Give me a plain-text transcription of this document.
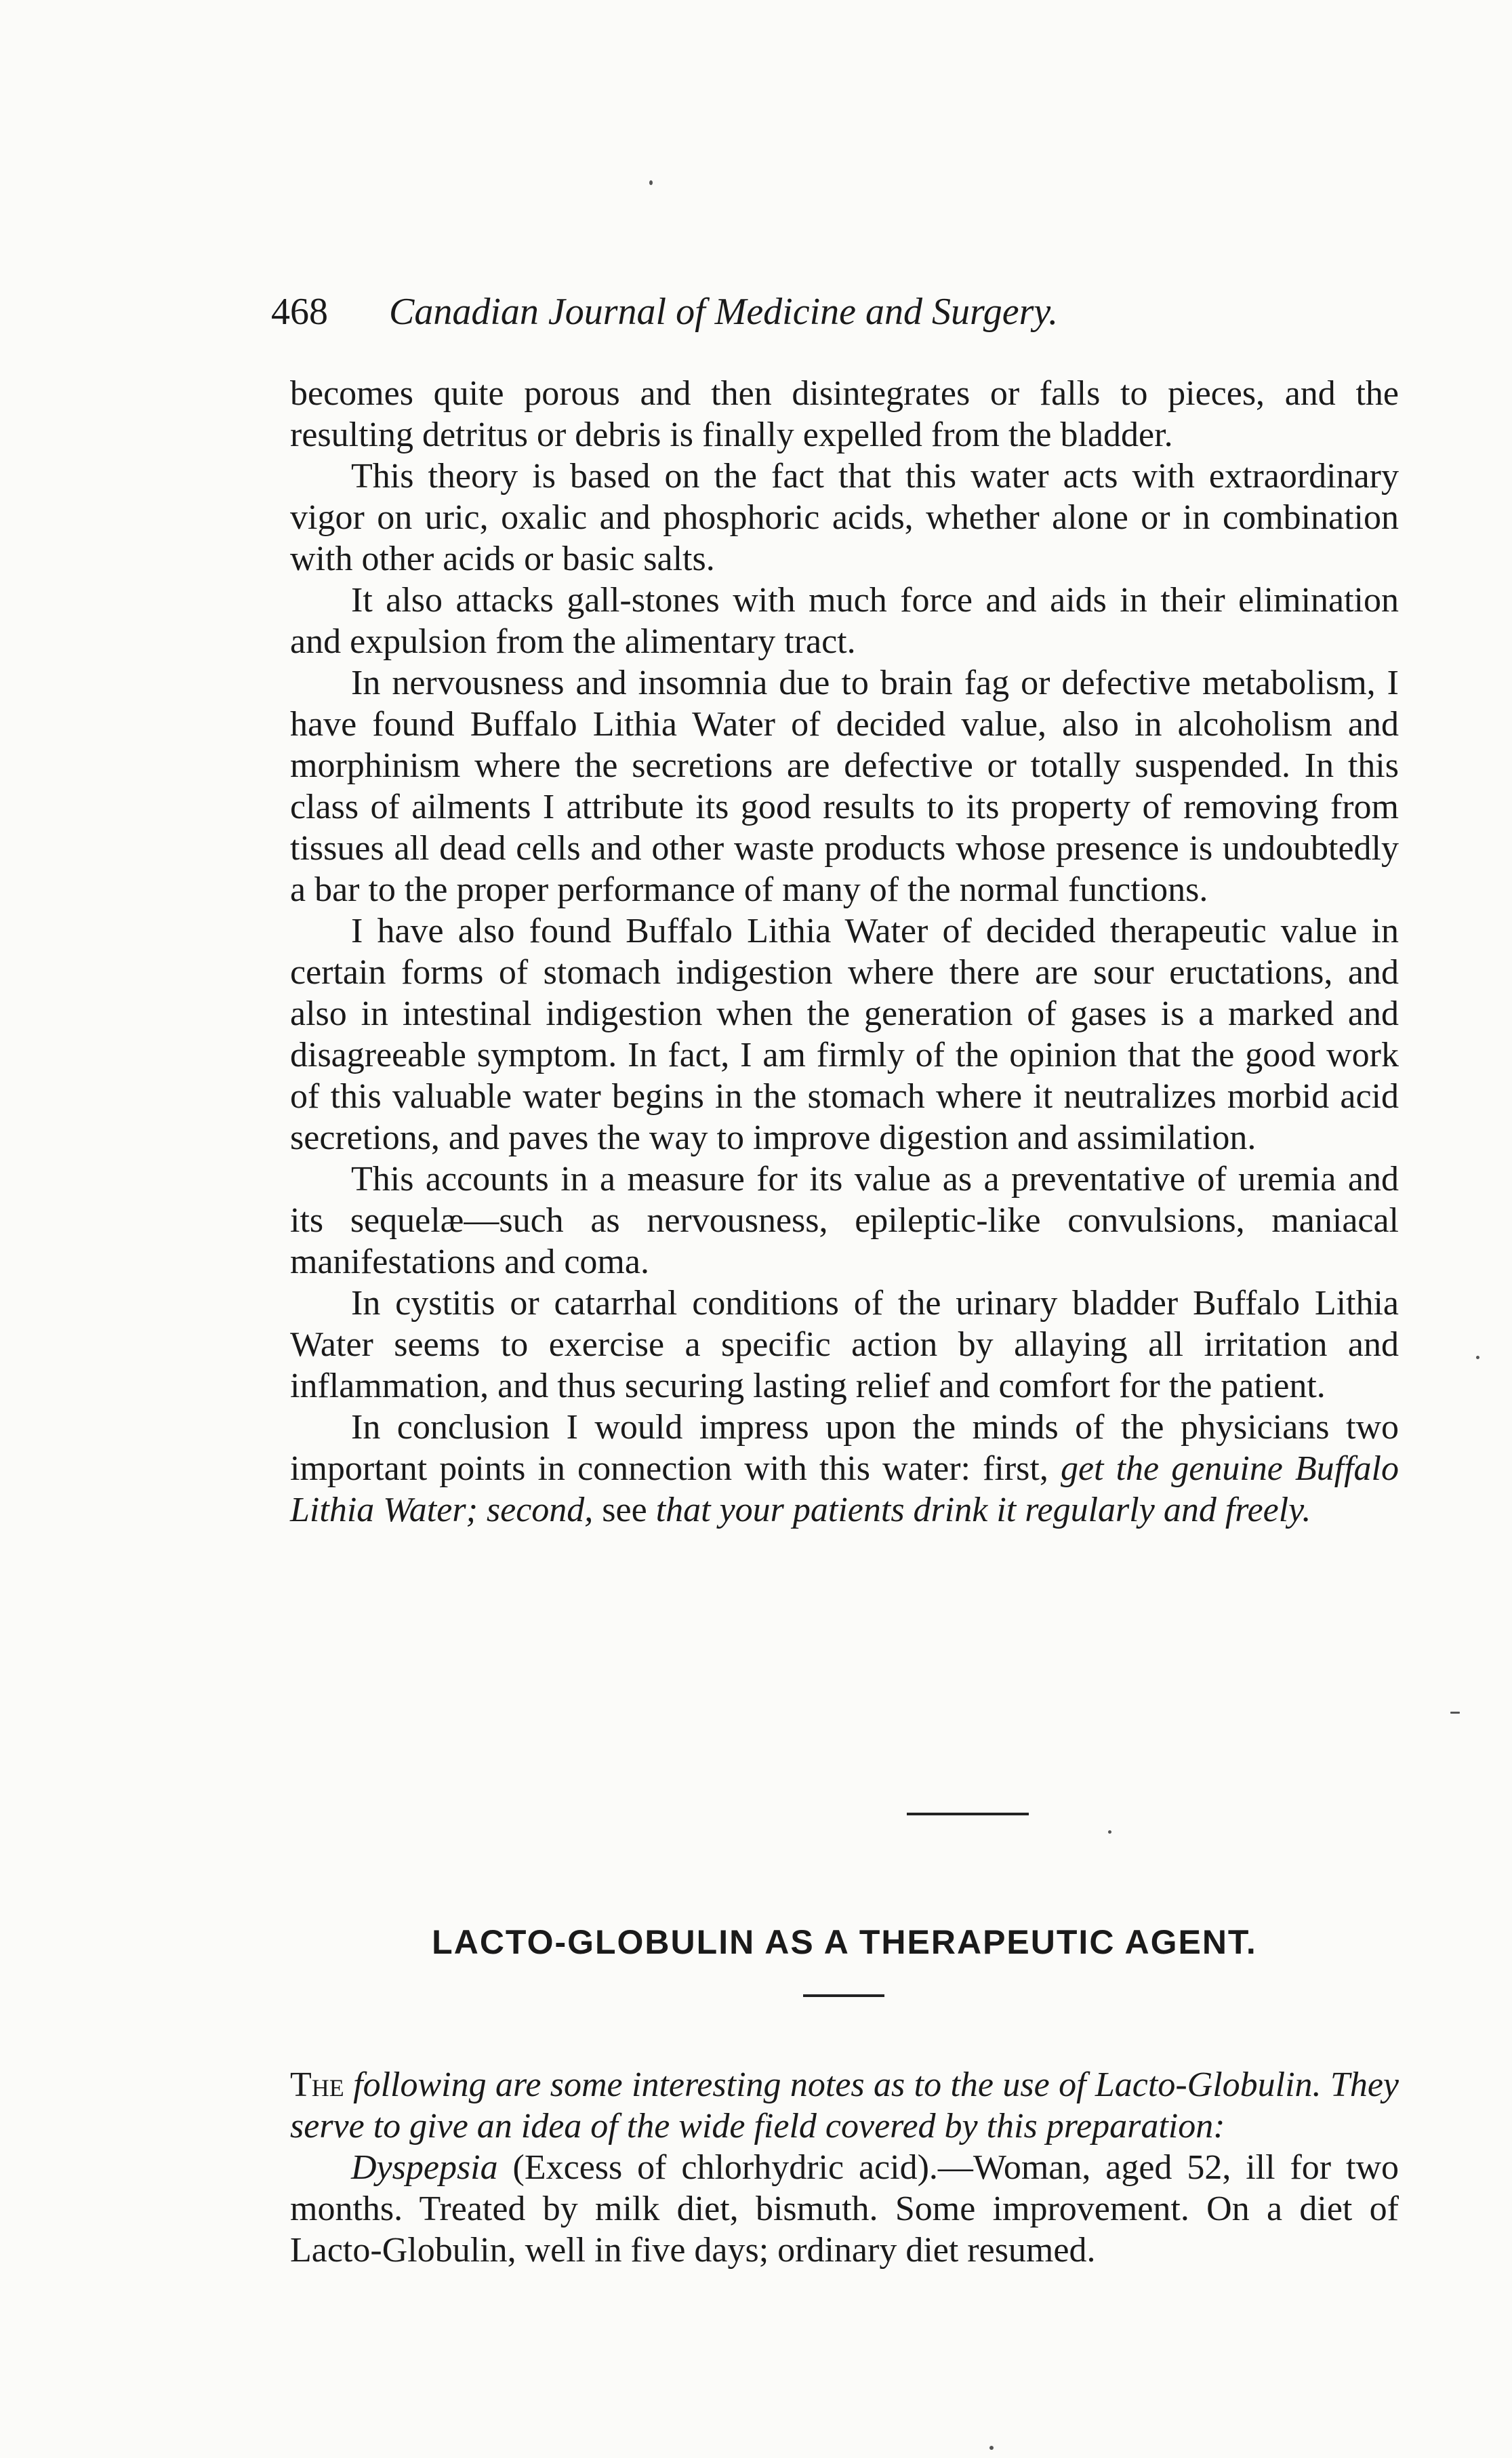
468 Canadian Journal of Medicine and Surgery.

becomes quite porous and then disintegrates or falls to pieces, and the resulting detritus or debris is finally expelled from the bladder.

This theory is based on the fact that this water acts with extraordinary vigor on uric, oxalic and phosphoric acids, whether alone or in combination with other acids or basic salts.

It also attacks gall-stones with much force and aids in their elimination and expulsion from the alimentary tract.

In nervousness and insomnia due to brain fag or defective metabolism, I have found Buffalo Lithia Water of decided value, also in alcoholism and morphinism where the secretions are defective or totally suspended. In this class of ailments I attribute its good results to its property of removing from tissues all dead cells and other waste products whose presence is undoubtedly a bar to the proper performance of many of the normal functions.

I have also found Buffalo Lithia Water of decided therapeutic value in certain forms of stomach indigestion where there are sour eructations, and also in intestinal indigestion when the generation of gases is a marked and disagreeable symptom. In fact, I am firmly of the opinion that the good work of this valuable water begins in the stomach where it neutralizes morbid acid secretions, and paves the way to improve digestion and assimilation.

This accounts in a measure for its value as a preventative of uremia and its sequelæ—such as nervousness, epileptic-like convulsions, maniacal manifestations and coma.

In cystitis or catarrhal conditions of the urinary bladder Buffalo Lithia Water seems to exercise a specific action by allaying all irritation and inflammation, and thus securing lasting relief and comfort for the patient.

In conclusion I would impress upon the minds of the physicians two important points in connection with this water: first, get the genuine Buffalo Lithia Water; second, see that your patients drink it regularly and freely.

LACTO-GLOBULIN AS A THERAPEUTIC AGENT.

The following are some interesting notes as to the use of Lacto-Globulin. They serve to give an idea of the wide field covered by this preparation:

Dyspepsia (Excess of chlorhydric acid).—Woman, aged 52, ill for two months. Treated by milk diet, bismuth. Some improvement. On a diet of Lacto-Globulin, well in five days; ordinary diet resumed.
